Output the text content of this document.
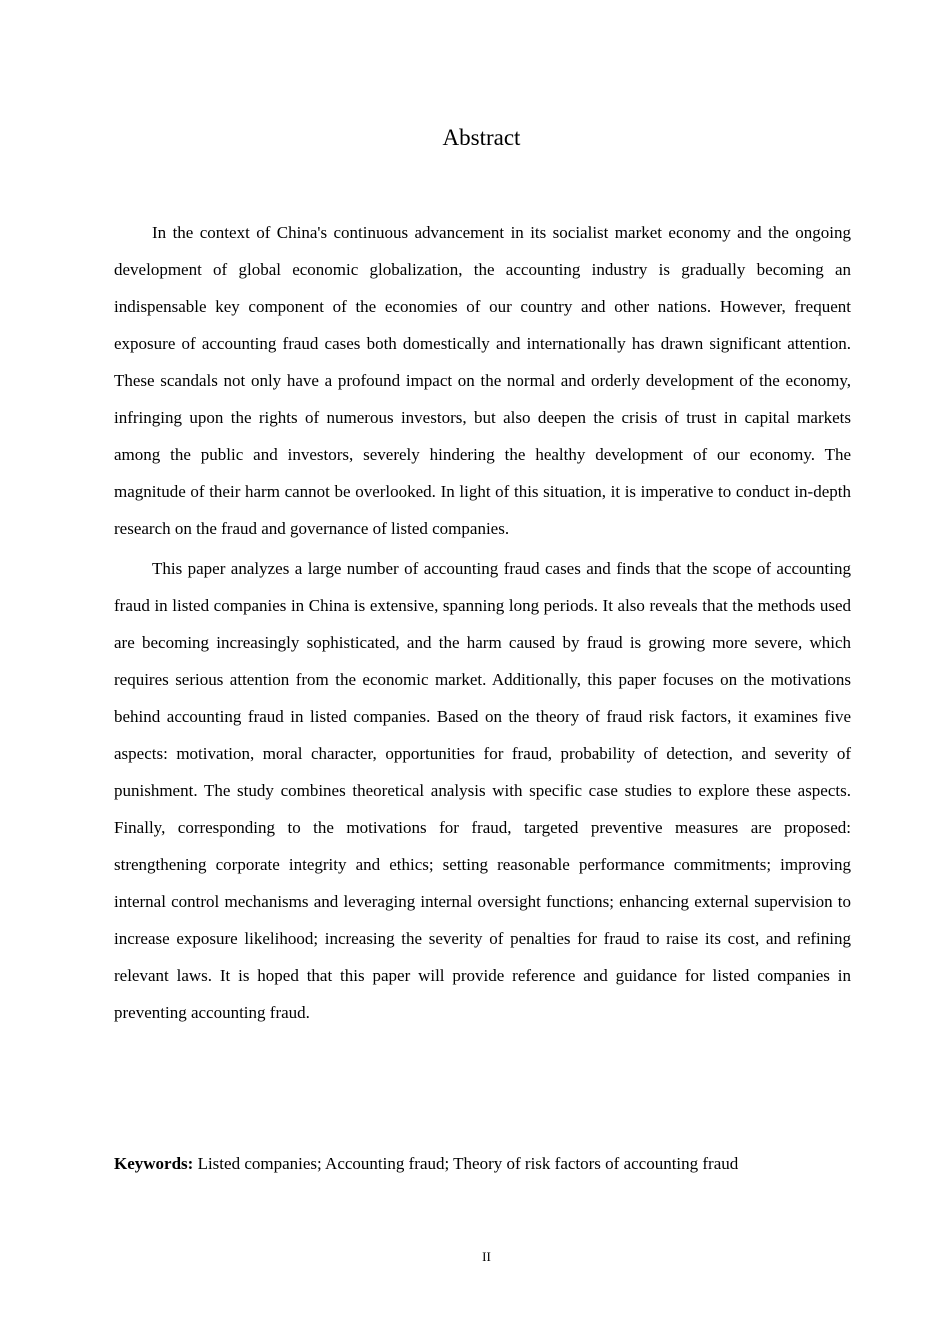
Abstract

In the context of China's continuous advancement in its socialist market economy and the ongoing development of global economic globalization, the accounting industry is gradually becoming an indispensable key component of the economies of our country and other nations. However, frequent exposure of accounting fraud cases both domestically and internationally has drawn significant attention. These scandals not only have a profound impact on the normal and orderly development of the economy, infringing upon the rights of numerous investors, but also deepen the crisis of trust in capital markets among the public and investors, severely hindering the healthy development of our economy. The magnitude of their harm cannot be overlooked. In light of this situation, it is imperative to conduct in-depth research on the fraud and governance of listed companies.

This paper analyzes a large number of accounting fraud cases and finds that the scope of accounting fraud in listed companies in China is extensive, spanning long periods. It also reveals that the methods used are becoming increasingly sophisticated, and the harm caused by fraud is growing more severe, which requires serious attention from the economic market. Additionally, this paper focuses on the motivations behind accounting fraud in listed companies. Based on the theory of fraud risk factors, it examines five aspects: motivation, moral character, opportunities for fraud, probability of detection, and severity of punishment. The study combines theoretical analysis with specific case studies to explore these aspects. Finally, corresponding to the motivations for fraud, targeted preventive measures are proposed: strengthening corporate integrity and ethics; setting reasonable performance commitments; improving internal control mechanisms and leveraging internal oversight functions; enhancing external supervision to increase exposure likelihood; increasing the severity of penalties for fraud to raise its cost, and refining relevant laws. It is hoped that this paper will provide reference and guidance for listed companies in preventing accounting fraud.

Keywords: Listed companies; Accounting fraud; Theory of risk factors of accounting fraud

II
